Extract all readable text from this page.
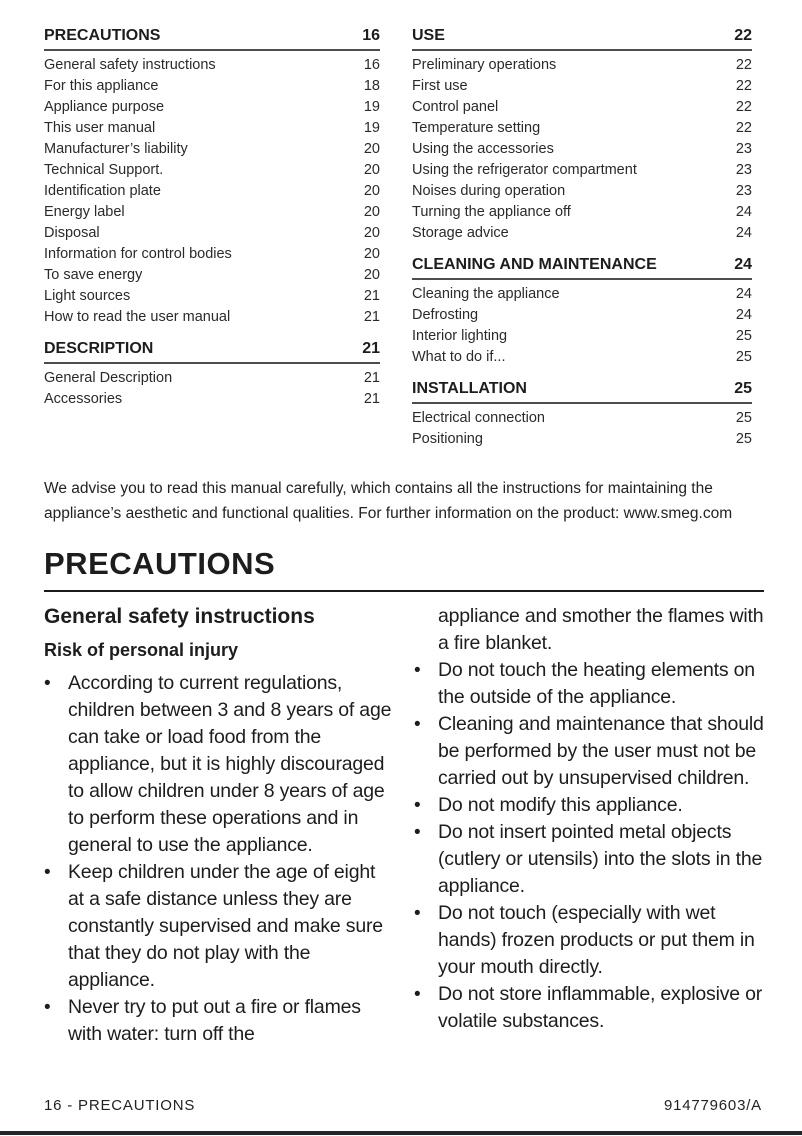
PRECAUTIONS	16
General safety instructions	16
For this appliance	18
Appliance purpose	19
This user manual	19
Manufacturer’s liability	20
Technical Support.	20
Identification plate	20
Energy label	20
Disposal	20
Information for control bodies	20
To save energy	20
Light sources	21
How to read the user manual	21
DESCRIPTION	21
General Description	21
Accessories	21
USE	22
Preliminary operations	22
First use	22
Control panel	22
Temperature setting	22
Using the accessories	23
Using the refrigerator compartment	23
Noises during operation	23
Turning the appliance off	24
Storage advice	24
CLEANING AND MAINTENANCE	24
Cleaning the appliance	24
Defrosting	24
Interior lighting	25
What to do if...	25
INSTALLATION	25
Electrical connection	25
Positioning	25

We advise you to read this manual carefully, which contains all the instructions for maintaining the appliance’s aesthetic and functional qualities. For further information on the product: www.smeg.com

PRECAUTIONS
General safety instructions
Risk of personal injury
• According to current regulations, children between 3 and 8 years of age can take or load food from the appliance, but it is highly discouraged to allow children under 8 years of age to perform these operations and in general to use the appliance.
• Keep children under the age of eight at a safe distance unless they are constantly supervised and make sure that they do not play with the appliance.
• Never try to put out a fire or flames with water: turn off the
appliance and smother the flames with a fire blanket.
• Do not touch the heating elements on the outside of the appliance.
• Cleaning and maintenance that should be performed by the user must not be carried out by unsupervised children.
• Do not modify this appliance.
• Do not insert pointed metal objects (cutlery or utensils) into the slots in the appliance.
• Do not touch (especially with wet hands) frozen products or put them in your mouth directly.
• Do not store inflammable, explosive or volatile substances.
16 - PRECAUTIONS	914779603/A
